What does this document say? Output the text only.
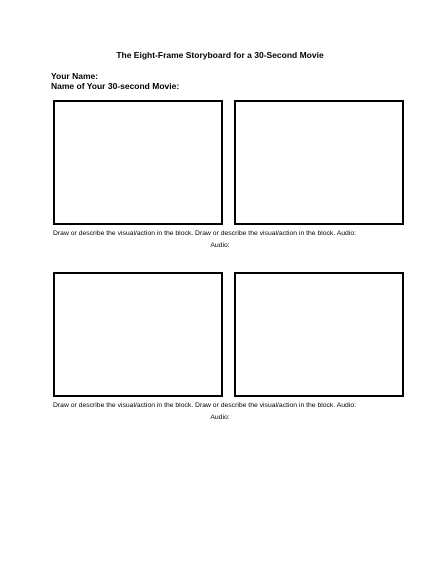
The Eight-Frame Storyboard for a 30-Second Movie
Your Name:
Name of Your 30-second Movie:
Draw or describe the visual/action in the block. Draw or describe the visual/action in the block. Audio:
Audio:
Draw or describe the visual/action in the block. Draw or describe the visual/action in the block. Audio:
Audio:
